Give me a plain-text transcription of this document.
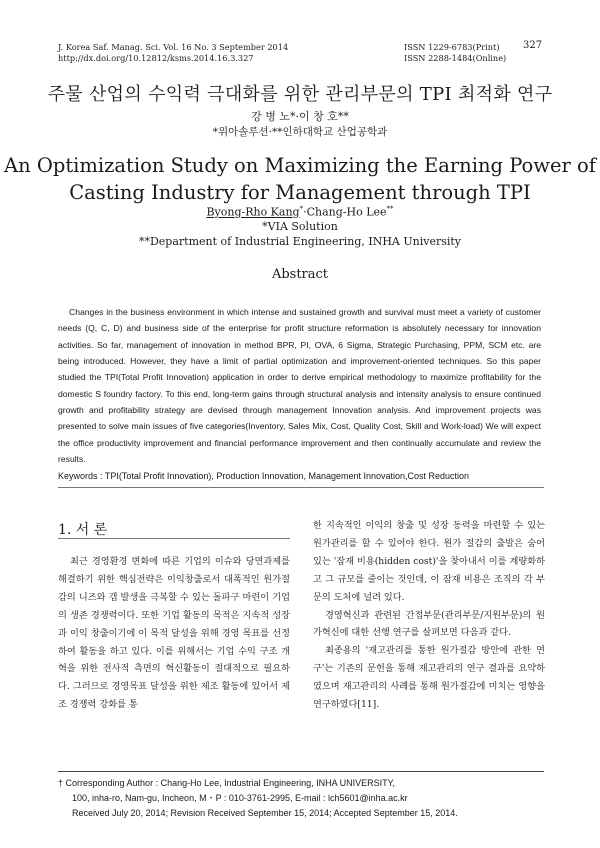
J. Korea Saf. Manag. Sci. Vol. 16 No. 3 September 2014
http://dx.doi.org/10.12812/ksms.2014.16.3.327
ISSN 1229-6783(Print)
ISSN 2288-1484(Online)
327
주물 산업의 수익력 극대화를 위한 관리부문의 TPI 최적화 연구
강 병 노*·이 창 호**
*위아솔루션·**인하대학교 산업공학과
An Optimization Study on Maximizing the Earning Power of
Casting Industry for Management through TPI
Byong-Rho Kang*·Chang-Ho Lee**
*VIA Solution
**Department of Industrial Engineering, INHA University
Abstract
Changes in the business environment in which intense and sustained growth and survival must meet a variety of customer needs (Q, C, D) and business side of the enterprise for profit structure reformation is absolutely necessary for innovation activities. So far, management of innovation in method BPR, PI, OVA, 6 Sigma, Strategic Purchasing, PPM, SCM etc. are being introduced. However, they have a limit of partial optimization and improvement-oriented techniques. So this paper studied the TPI(Total Profit Innovation) application in order to derive empirical methodology to maximize profitability for the domestic S foundry factory. To this end, long-term gains through structural analysis and intensity analysis to ensure continued growth and profitability strategy are devised through management Innovation analysis. And improvement projects was presented to solve main issues of five categories(Inventory, Sales Mix, Cost, Quality Cost, Skill and Work-load) We will expect the office productivity improvement and financial performance improvement and then continually accumulate and review the results.
Keywords : TPI(Total Profit Innovation), Production Innovation, Management Innovation,Cost Reduction
1. 서 론

최근 경영환경 변화에 따른 기업의 이슈와 당면과제를 해결하기 위한 핵심전략은 이익창출로서 대폭적인 원가절감의 니즈와 갭 발생을 극복할 수 있는 돌파구 마련이 기업의 생존 경쟁력이다. 또한 기업 활동의 목적은 지속적 성장과 이익 창출이기에 이 목적 달성을 위해 경영 목표를 선정하여 활동을 하고 있다. 이를 위해서는 기업 수익 구조 개혁을 위한 전사적 측면의 혁신활동이 절대적으로 필요하다. 그러므로 경영목표 달성을 위한 제조 활동에 있어서 제조 경쟁력 강화를 통

한 지속적인 이익의 창출 및 성장 동력을 마련할 수 있는 원가관리를 할 수 있어야 한다. 원가 절감의 출발은 숨어 있는 '잠재 비용(hidden cost)'을 찾아내서 이를 계량화하고 그 규모를 줄이는 것인데, 이 잠재 비용은 조직의 각 부문의 도처에 널려 있다.

경영혁신과 관련된 간접부문(관리부문/지원부문)의 원가혁신에 대한 선행 연구를 살펴보면 다음과 같다.

최종용의 '재고관리를 통한 원가절감 방안에 관한 연구'는 기존의 문헌을 통해 재고관리의 연구 결과를 요약하였으며 재고관리의 사례를 통해 원가절감에 미치는 영향을 연구하였다[11].

† Corresponding Author : Chang-Ho Lee, Industrial Engineering, INHA UNIVERSITY,

100, inha-ro, Nam-gu, Incheon, M・P : 010-3761-2995, E-mail : lch5601@inha.ac.kr

Received July 20, 2014; Revision Received September 15, 2014; Accepted September 15, 2014.
